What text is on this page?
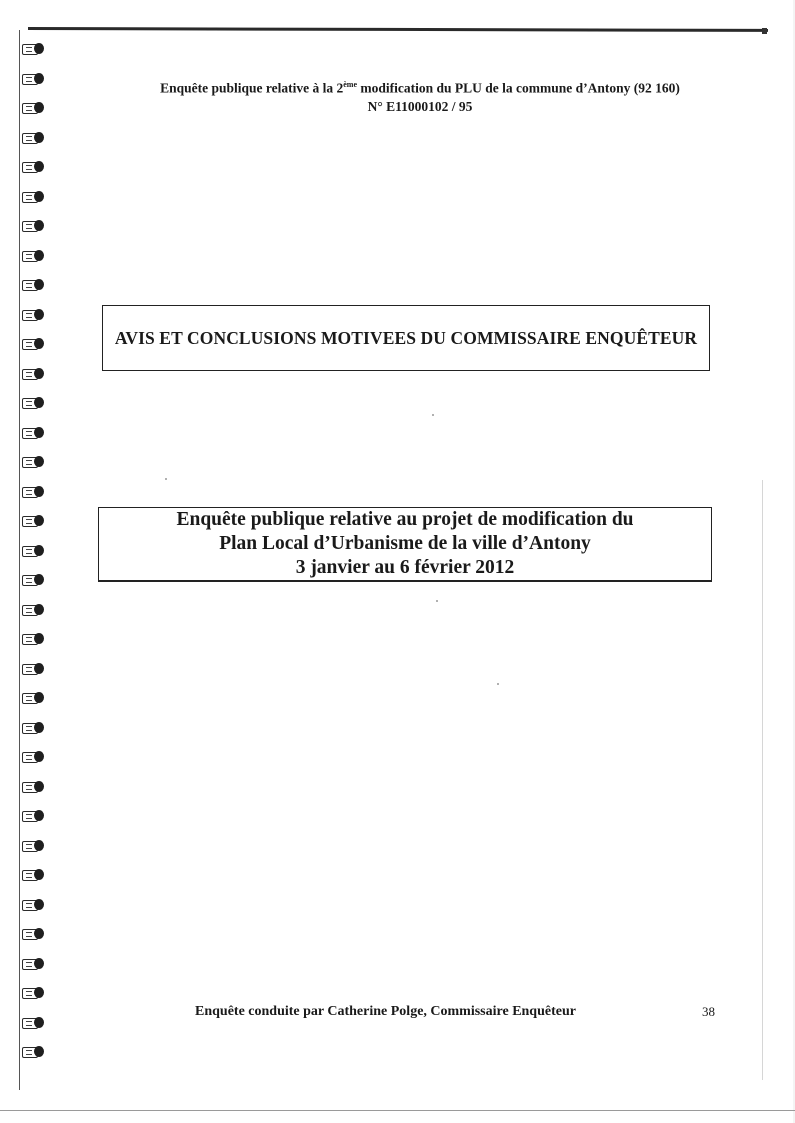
Enquête publique relative à la 2ème modification du PLU de la commune d’Antony (92 160)
N° E11000102 / 95
AVIS ET CONCLUSIONS MOTIVEES DU COMMISSAIRE ENQUÊTEUR
Enquête publique relative au projet de modification du
Plan Local d’Urbanisme de la ville d’Antony
3 janvier au 6 février 2012
Enquête conduite par Catherine Polge, Commissaire Enquêteur	38
